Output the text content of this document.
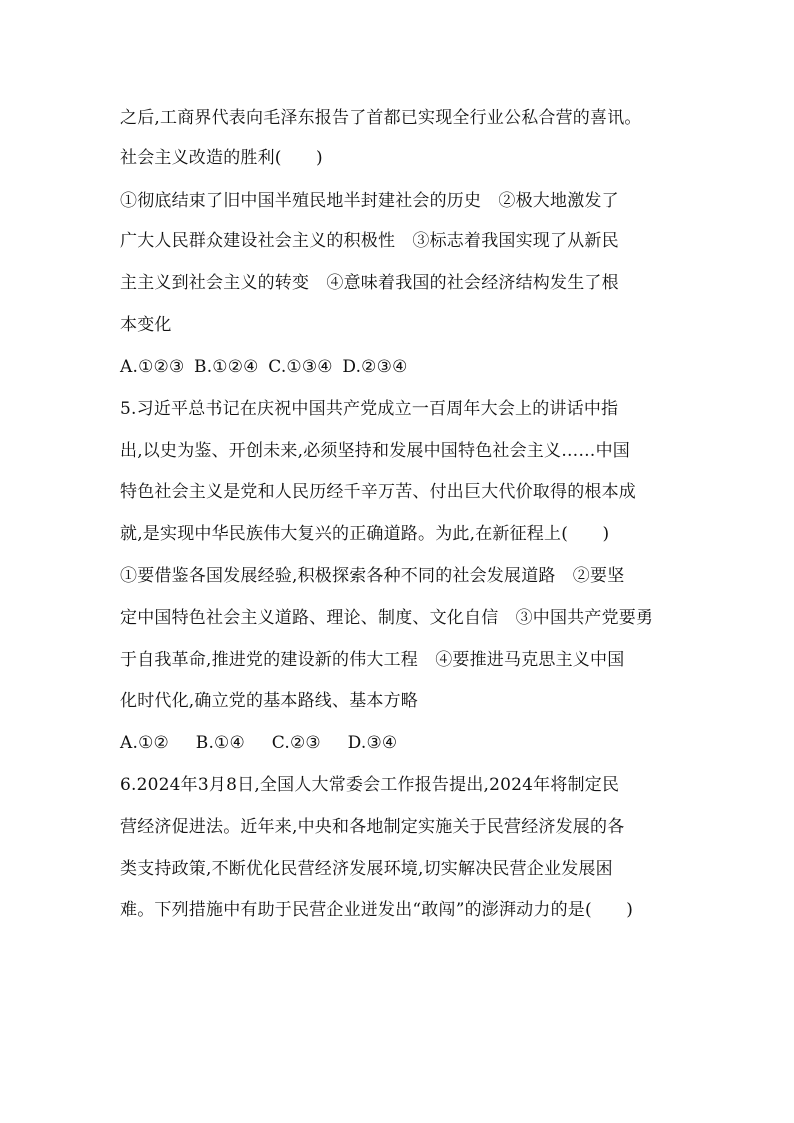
之后,工商界代表向毛泽东报告了首都已实现全行业公私合营的喜讯。
社会主义改造的胜利(　　)
①彻底结束了旧中国半殖民地半封建社会的历史　②极大地激发了
广大人民群众建设社会主义的积极性　③标志着我国实现了从新民
主主义到社会主义的转变　④意味着我国的社会经济结构发生了根
本变化
A.①②③ B.①②④ C.①③④ D.②③④
5.习近平总书记在庆祝中国共产党成立一百周年大会上的讲话中指
出,以史为鉴、开创未来,必须坚持和发展中国特色社会主义……中国
特色社会主义是党和人民历经千辛万苦、付出巨大代价取得的根本成
就,是实现中华民族伟大复兴的正确道路。为此,在新征程上(　　)
①要借鉴各国发展经验,积极探索各种不同的社会发展道路　②要坚
定中国特色社会主义道路、理论、制度、文化自信　③中国共产党要勇
于自我革命,推进党的建设新的伟大工程　④要推进马克思主义中国
化时代化,确立党的基本路线、基本方略
A.①②　 B.①④　 C.②③　 D.③④
6.2024年3月8日,全国人大常委会工作报告提出,2024年将制定民
营经济促进法。近年来,中央和各地制定实施关于民营经济发展的各
类支持政策,不断优化民营经济发展环境,切实解决民营企业发展困
难。下列措施中有助于民营企业迸发出“敢闯”的澎湃动力的是(　　)
